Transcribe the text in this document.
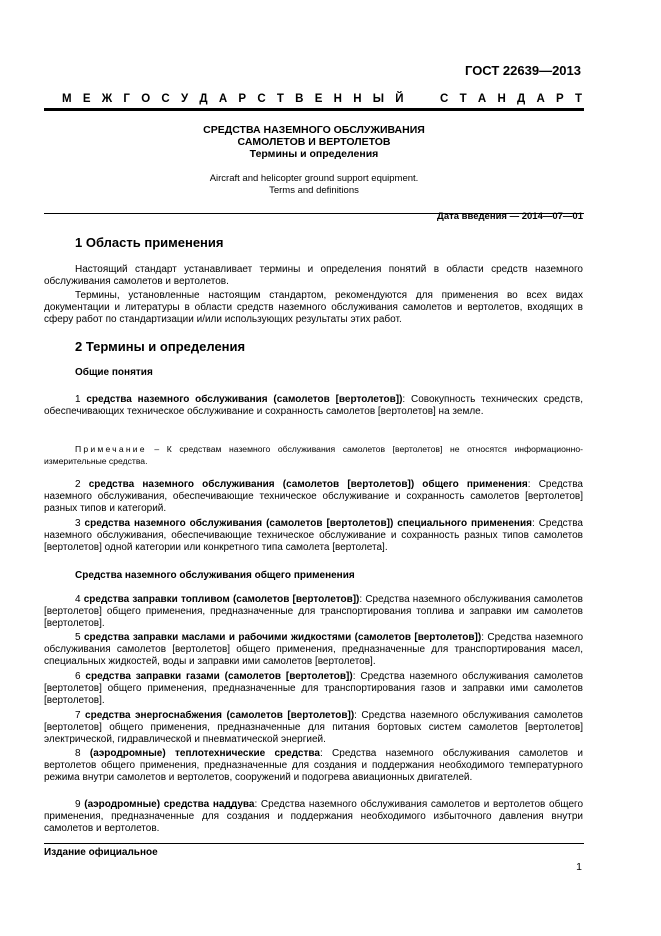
ГОСТ 22639—2013
М Е Ж Г О С У Д А Р С Т В Е Н Н Ы Й	С Т А Н Д А Р Т
СРЕДСТВА НАЗЕМНОГО ОБСЛУЖИВАНИЯ
САМОЛЕТОВ И ВЕРТОЛЕТОВ
Термины и определения
Aircraft and helicopter ground support equipment.
Terms and definitions
Дата введения — 2014—07—01
1 Область применения
Настоящий стандарт устанавливает термины и определения понятий в области средств наземного обслуживания самолетов и вертолетов.
Термины, установленные настоящим стандартом, рекомендуются для применения во всех видах документации и литературы в области средств наземного обслуживания самолетов и вертолетов, входящих в сферу работ по стандартизации и/или использующих результаты этих работ.
2 Термины и определения
Общие понятия
1 средства наземного обслуживания (самолетов [вертолетов]): Совокупность технических средств, обеспечивающих техническое обслуживание и сохранность самолетов [вертолетов] на земле.
Примечание – К средствам наземного обслуживания самолетов [вертолетов] не относятся информационно-измерительные средства.
2 средства наземного обслуживания (самолетов [вертолетов]) общего применения: Средства наземного обслуживания, обеспечивающие техническое обслуживание и сохранность самолетов [вертолетов] разных типов и категорий.
3 средства наземного обслуживания (самолетов [вертолетов]) специального применения: Средства наземного обслуживания, обеспечивающие техническое обслуживание и сохранность разных типов самолетов [вертолетов] одной категории или конкретного типа самолета [вертолета].
Средства наземного обслуживания общего применения
4 средства заправки топливом (самолетов [вертолетов]): Средства наземного обслуживания самолетов [вертолетов] общего применения, предназначенные для транспортирования топлива и заправки им самолетов [вертолетов].
5 средства заправки маслами и рабочими жидкостями (самолетов [вертолетов]): Средства наземного обслуживания самолетов [вертолетов] общего применения, предназначенные для транспортирования масел, специальных жидкостей, воды и заправки ими самолетов [вертолетов].
6 средства заправки газами (самолетов [вертолетов]): Средства наземного обслуживания самолетов [вертолетов] общего применения, предназначенные для транспортирования газов и заправки ими самолетов [вертолетов].
7 средства энергоснабжения (самолетов [вертолетов]): Средства наземного обслуживания самолетов [вертолетов] общего применения, предназначенные для питания бортовых систем самолетов [вертолетов] электрической, гидравлической и пневматической энергией.
8 (аэродромные) теплотехнические средства: Средства наземного обслуживания самолетов и вертолетов общего применения, предназначенные для создания и поддержания необходимого температурного режима внутри самолетов и вертолетов, сооружений и подогрева авиационных двигателей.
9 (аэродромные) средства наддува: Средства наземного обслуживания самолетов и вертолетов общего применения, предназначенные для создания и поддержания необходимого избыточного давления внутри самолетов и вертолетов.
Издание официальное
1
